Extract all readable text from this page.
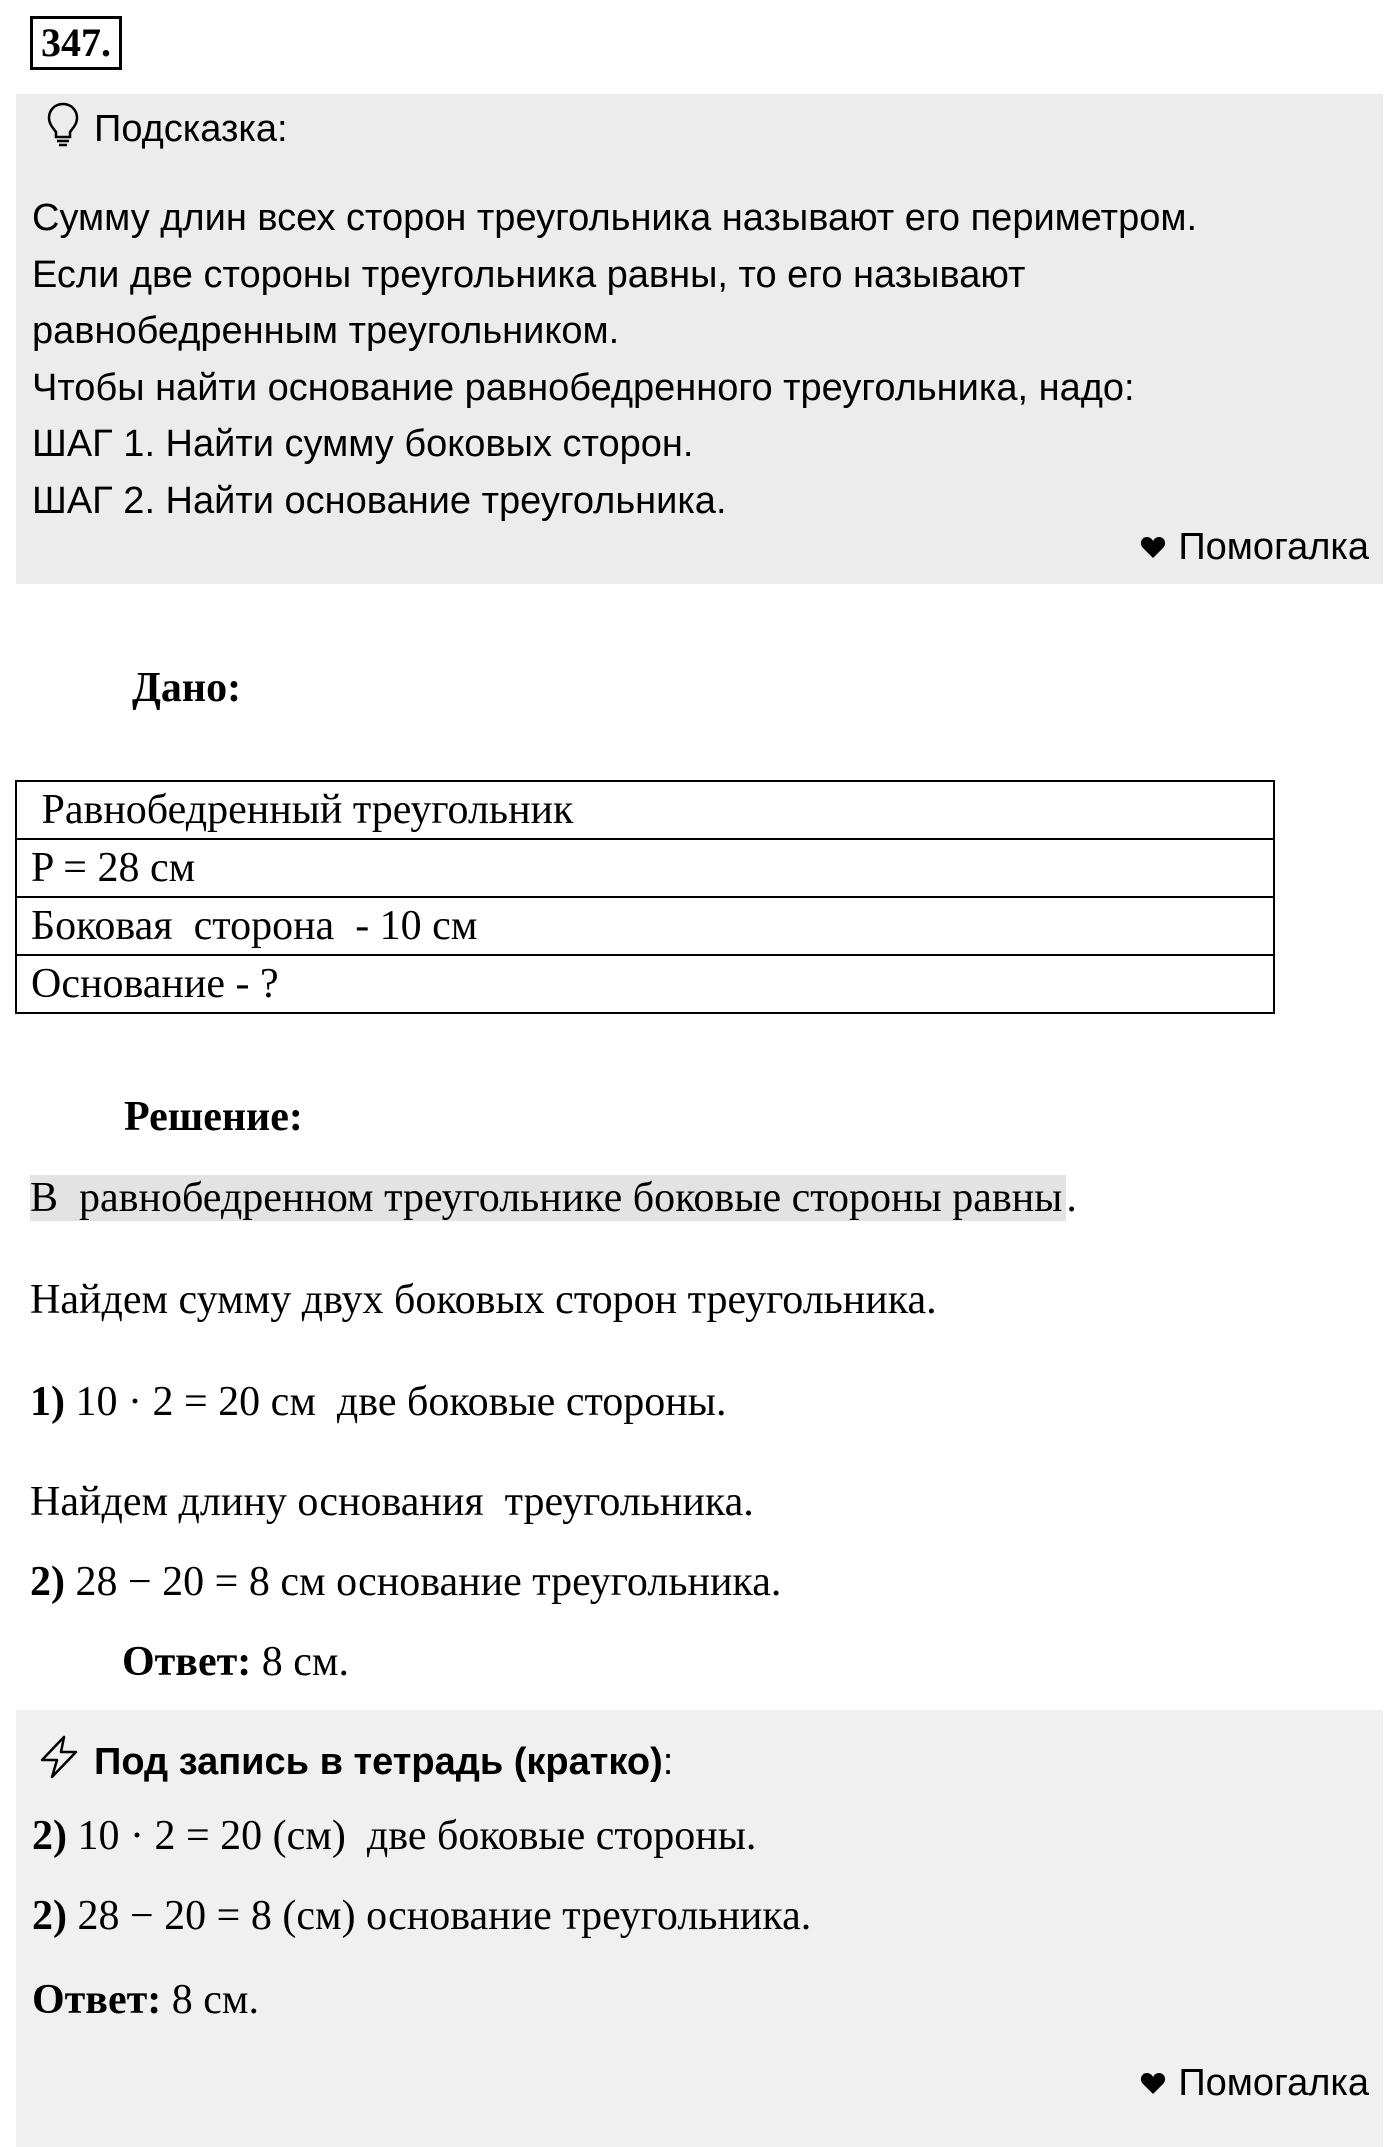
347.
Подсказка:
Сумму длин всех сторон треугольника называют его периметром.
Если две стороны треугольника равны, то его называют
равнобедренным треугольником.
Чтобы найти основание равнобедренного треугольника, надо:
ШАГ 1. Найти сумму боковых сторон.
ШАГ 2. Найти основание треугольника.
Помогалка
Дано:
Равнобедренный треугольник
P = 28 см
Боковая  сторона  - 10 см
Основание - ?
Решение:
В  равнобедренном треугольнике боковые стороны равны.
Найдем сумму двух боковых сторон треугольника.
1) 10 · 2 = 20 см  две боковые стороны.
Найдем длину основания  треугольника.
2) 28 − 20 = 8 см основание треугольника.
Ответ: 8 см.
Под запись в тетрадь (кратко) :
2) 10 · 2 = 20 (см)  две боковые стороны.
2) 28 − 20 = 8 (см) основание треугольника.
Ответ: 8 см.
Помогалка
